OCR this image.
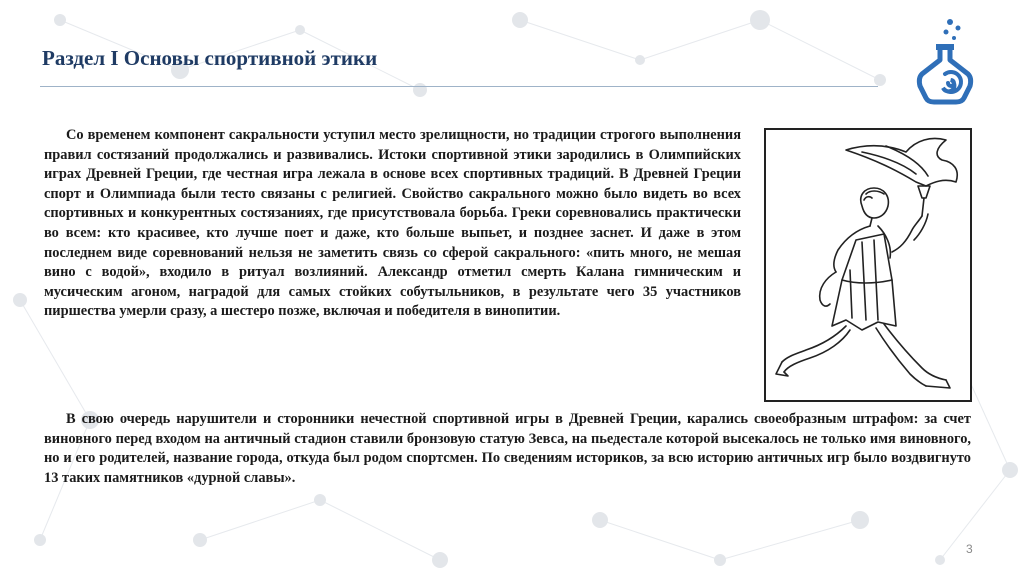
Раздел I Основы спортивной этики

Со временем компонент сакральности уступил место зрелищности, но традиции строгого выполнения правил состязаний продолжались и развивались. Истоки спортивной этики зародились в Олимпийских играх Древней Греции, где честная игра лежала в основе всех спортивных традиций. В Древней Греции спорт и Олимпиада были тесто связаны с религией. Свойство сакрального можно было видеть во всех спортивных и конкурентных состязаниях, где присутствовала борьба. Греки соревновались практически во всем: кто красивее, кто лучше поет и даже, кто больше выпьет, и позднее заснет. И даже в этом последнем виде соревнований нельзя не заметить связь со сферой сакрального: «пить много, не мешая вино с водой», входило в ритуал возлияний. Александр отметил смерть Калана гимническим и мусическим агоном, наградой для самых стойких собутыльников, в результате чего 35 участников пиршества умерли сразу, а шестеро позже, включая и победителя в винопитии.

В свою очередь нарушители и сторонники нечестной спортивной игры в Древней Греции, карались своеобразным штрафом: за счет виновного перед входом на античный стадион ставили бронзовую статую Зевса, на пьедестале которой высекалось не только имя виновного, но и его родителей, название города, откуда был родом спортсмен. По сведениям историков, за всю историю античных игр было воздвигнуто 13 таких памятников «дурной славы».

3
